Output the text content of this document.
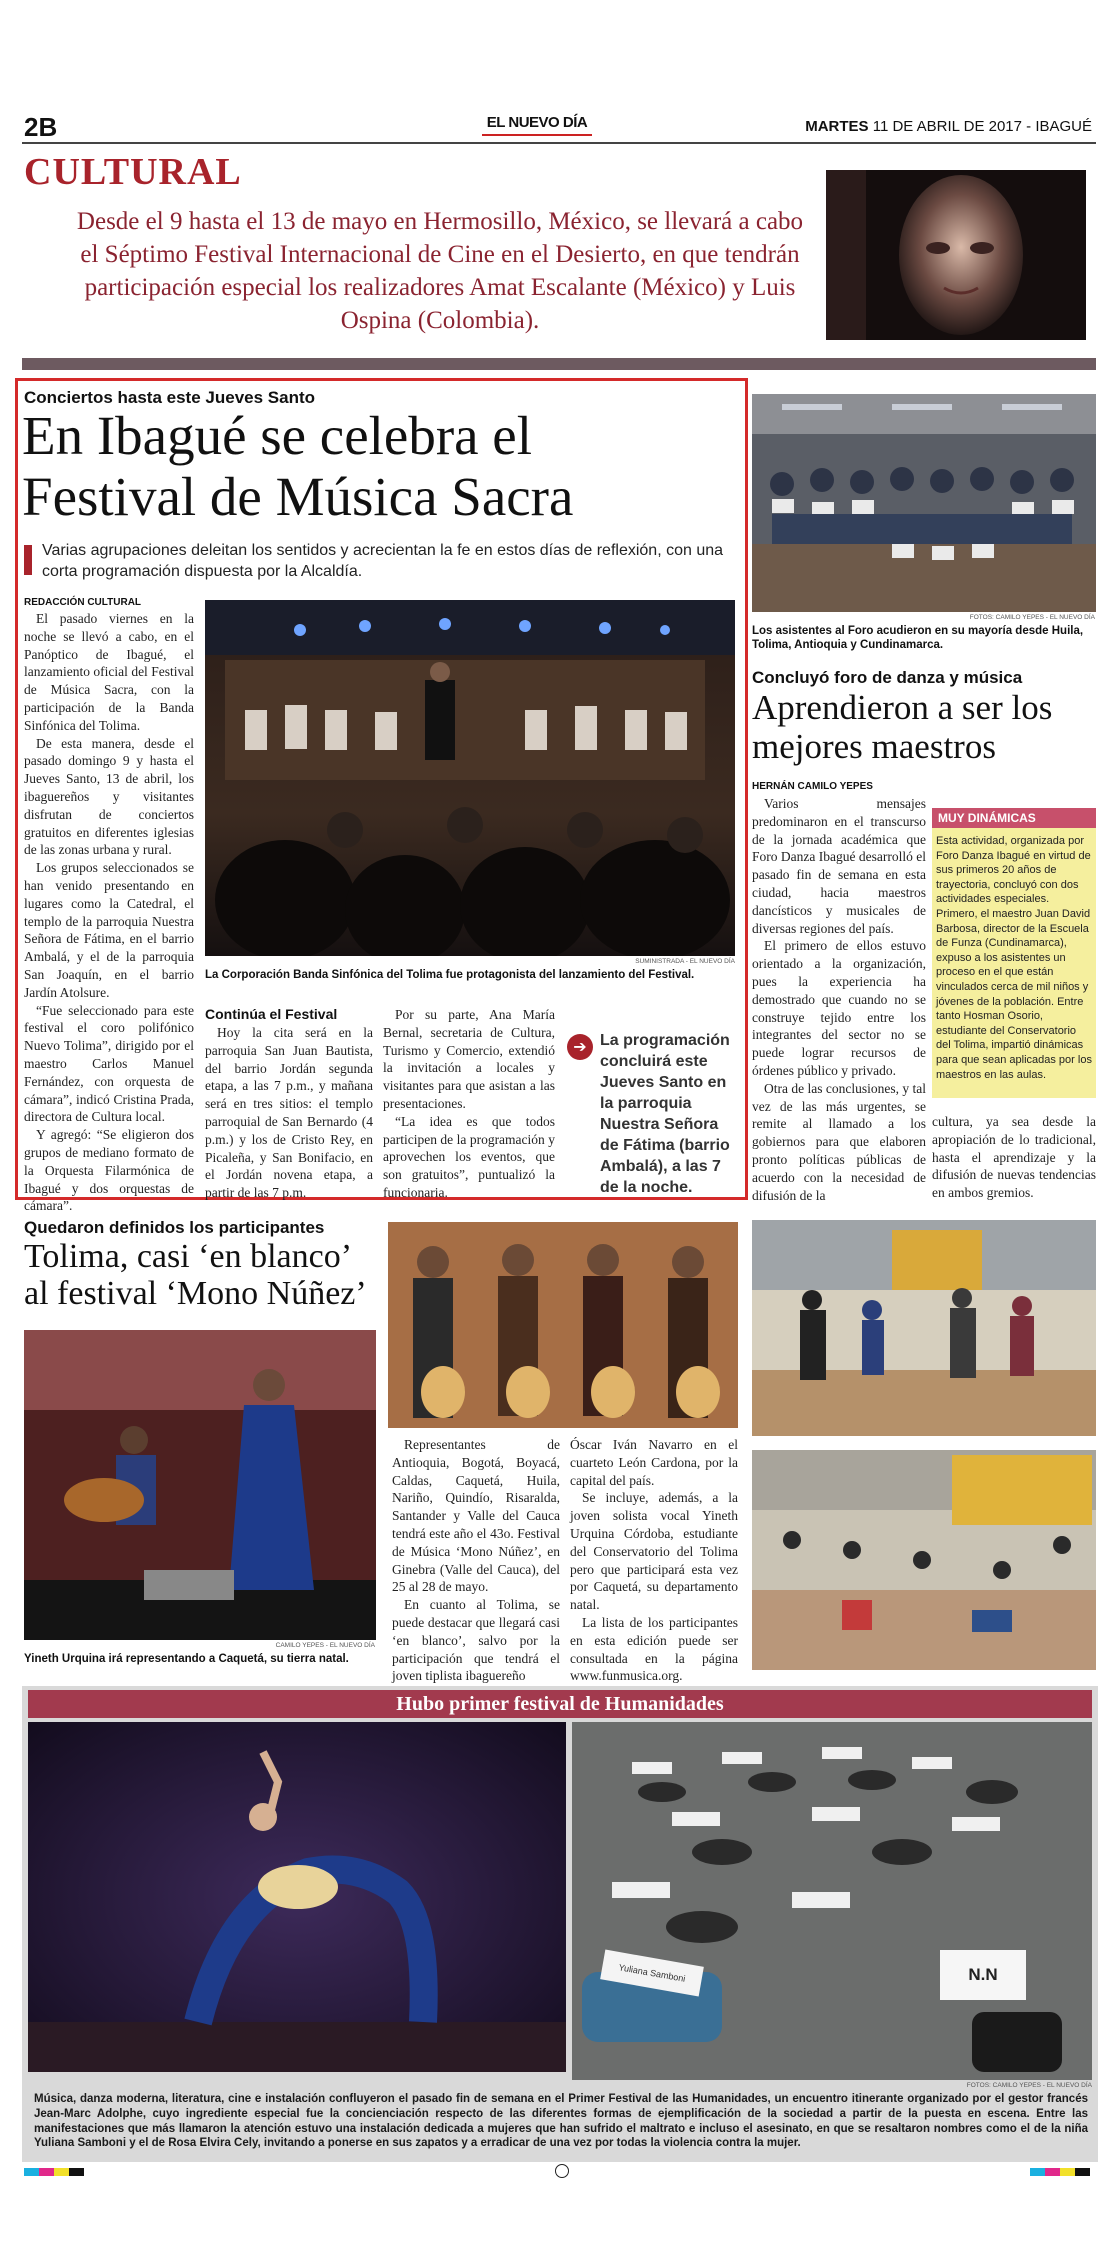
2B	EL NUEVO DÍA	MARTES 11 DE ABRIL DE 2017 - IBAGUÉ
CULTURAL
Desde el 9 hasta el 13 de mayo en Hermosillo, México, se llevará a cabo el Séptimo Festival Internacional de Cine en el Desierto, en que tendrán participación especial los realizadores Amat Escalante (México) y Luis Ospina (Colombia).
Conciertos hasta este Jueves Santo
En Ibagué se celebra el
Festival de Música Sacra
Varias agrupaciones deleitan los sentidos y acrecientan la fe en estos días de reflexión, con una corta programación dispuesta por la Alcaldía.
REDACCIÓN CULTURAL

El pasado viernes en la noche se llevó a cabo, en el Panóptico de Ibagué, el lanzamiento oficial del Festival de Música Sacra, con la participación de la Banda Sinfónica del Tolima.

De esta manera, desde el pasado domingo 9 y hasta el Jueves Santo, 13 de abril, los ibaguereños y visitantes disfrutan de conciertos gratuitos en diferentes iglesias de las zonas urbana y rural.

Los grupos seleccionados se han venido presentando en lugares como la Catedral, el templo de la parroquia Nuestra Señora de Fátima, en el barrio Ambalá, y el de la parroquia San Joaquín, en el barrio Jardín Atolsure.

“Fue seleccionado para este festival el coro polifónico Nuevo Tolima”, dirigido por el maestro Carlos Manuel Fernández, con orquesta de cámara”, indicó Cristina Prada, directora de Cultura local.

Y agregó: “Se eligieron dos grupos de mediano formato de la Orquesta Filarmónica de Ibagué y dos orquestas de cámara”.

SUMINISTRADA - EL NUEVO DÍA
La Corporación Banda Sinfónica del Tolima fue protagonista del lanzamiento del Festival.
Continúa el Festival

Hoy la cita será en la parroquia San Juan Bautista, del barrio Jordán segunda etapa, a las 7 p.m., y mañana será en tres sitios: el templo parroquial de San Bernardo (4 p.m.) y los de Cristo Rey, en Picaleña, y San Bonifacio, en el Jordán novena etapa, a partir de las 7 p.m.

Por su parte, Ana María Bernal, secretaria de Cultura, Turismo y Comercio, extendió la invitación a locales y visitantes para que asistan a las presentaciones.

“La idea es que todos participen de la programación y aprovechen los eventos, que son gratuitos”, puntualizó la funcionaria.

➔ La programación concluirá este Jueves Santo en la parroquia Nuestra Señora de Fátima (barrio Ambalá), a las 7 de la noche.
FOTOS: CAMILO YEPES - EL NUEVO DÍA
Los asistentes al Foro acudieron en su mayoría desde Huila, Tolima, Antioquia y Cundinamarca.
Concluyó foro de danza y música
Aprendieron a ser los mejores maestros
HERNÁN CAMILO YEPES

Varios mensajes predominaron en el transcurso de la jornada académica que Foro Danza Ibagué desarrolló el pasado fin de semana en esta ciudad, hacia maestros dancísticos y musicales de diversas regiones del país.

El primero de ellos estuvo orientado a la organización, pues la experiencia ha demostrado que cuando no se construye tejido entre los integrantes del sector no se puede lograr recursos de órdenes público y privado.

Otra de las conclusiones, y tal vez de las más urgentes, se remite al llamado a los gobiernos para que elaboren pronto políticas públicas de acuerdo con la necesidad de difusión de la

MUY DINÁMICAS
Esta actividad, organizada por Foro Danza Ibagué en virtud de sus primeros 20 años de trayectoria, concluyó con dos actividades especiales. Primero, el maestro Juan David Barbosa, director de la Escuela de Funza (Cundinamarca), expuso a los asistentes un proceso en el que están vinculados cerca de mil niños y jóvenes de la población. Entre tanto Hosman Osorio, estudiante del Conservatorio del Tolima, impartió dinámicas para que sean aplicadas por los maestros en las aulas.

cultura, ya sea desde la apropiación de lo tradicional, hasta el aprendizaje y la difusión de nuevas tendencias en ambos gremios.

Quedaron definidos los participantes
Tolima, casi ‘en blanco’
al festival ‘Mono Núñez’
CAMILO YEPES - EL NUEVO DÍA
Yineth Urquina irá representando a Caquetá, su tierra natal.

Representantes de Antioquia, Bogotá, Boyacá, Caldas, Caquetá, Huila, Nariño, Quindío, Risaralda, Santander y Valle del Cauca tendrá este año el 43o. Festival de Música ‘Mono Núñez’, en Ginebra (Valle del Cauca), del 25 al 28 de mayo.

En cuanto al Tolima, se puede destacar que llegará casi ‘en blanco’, salvo por la participación que tendrá el joven tiplista ibaguereño

Óscar Iván Navarro en el cuarteto León Cardona, por la capital del país.

Se incluye, además, a la joven solista vocal Yineth Urquina Córdoba, estudiante del Conservatorio del Tolima pero que participará esta vez por Caquetá, su departamento natal.

La lista de los participantes en esta edición puede ser consultada en la página www.funmusica.org.

Hubo primer festival de Humanidades
Yuliana Samboni	N.N
FOTOS: CAMILO YEPES - EL NUEVO DÍA
Música, danza moderna, literatura, cine e instalación confluyeron el pasado fin de semana en el Primer Festival de las Humanidades, un encuentro itinerante organizado por el gestor francés Jean-Marc Adolphe, cuyo ingrediente especial fue la concienciación respecto de las diferentes formas de ejemplificación de la sociedad a partir de la puesta en escena. Entre las manifestaciones que más llamaron la atención estuvo una instalación dedicada a mujeres que han sufrido el maltrato e incluso el asesinato, en que se resaltaron nombres como el de la niña Yuliana Samboni y el de Rosa Elvira Cely, invitando a ponerse en sus zapatos y a erradicar de una vez por todas la violencia contra la mujer.
